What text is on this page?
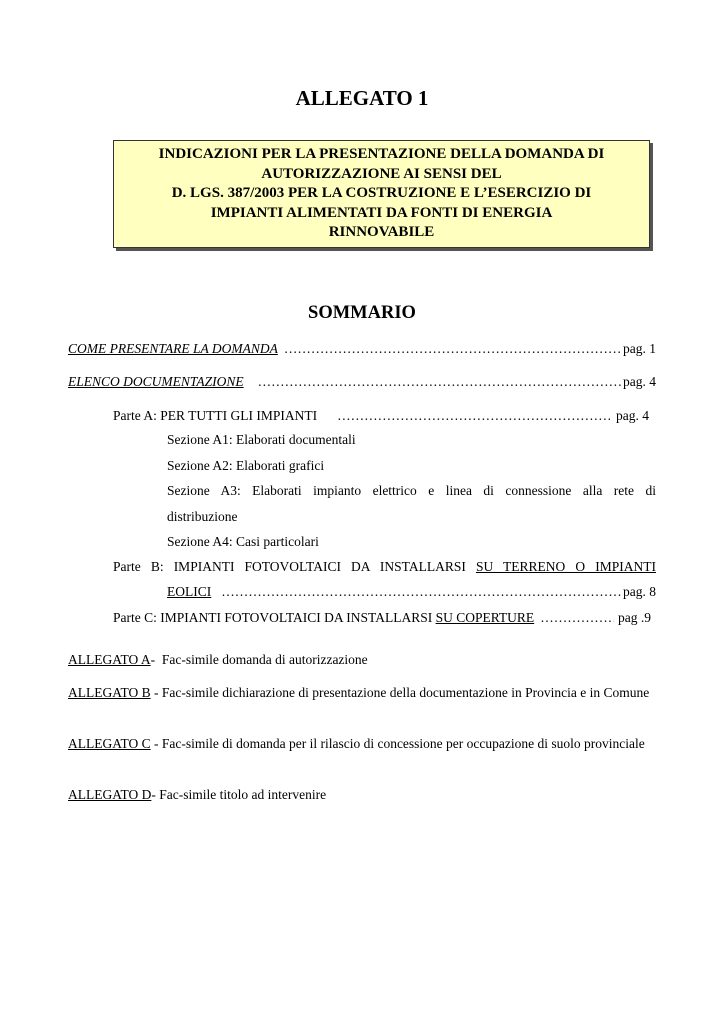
ALLEGATO 1
INDICAZIONI PER LA PRESENTAZIONE DELLA DOMANDA DI
AUTORIZZAZIONE AI SENSI DEL
D. LGS. 387/2003 PER LA COSTRUZIONE E L’ESERCIZIO DI
IMPIANTI ALIMENTATI DA FONTI DI ENERGIA
RINNOVABILE
SOMMARIO
COME PRESENTARE LA DOMANDA …………………………………………………………………………………………………………………………………………………………	pag. 1
ELENCO DOCUMENTAZIONE …………………………………………………………………………………………………………………………………………………………	pag. 4
Parte A: PER TUTTI GLI IMPIANTI …………………………………………………………………………………………………………………………………………………………	pag. 4
Sezione A1: Elaborati documentali
Sezione A2: Elaborati grafici
Sezione A3: Elaborati impianto elettrico e linea di connessione alla rete di
distribuzione
Sezione A4: Casi particolari
Parte B: IMPIANTI FOTOVOLTAICI DA INSTALLARSI SU TERRENO O IMPIANTI
EOLICI …………………………………………………………………………………………………………………………………………………………	pag. 8
Parte C: IMPIANTI FOTOVOLTAICI DA INSTALLARSI
SU COPERTURE …………………………………………………………………………………………………………………………………………………………	pag .9
ALLEGATO A- Fac-simile domanda di autorizzazione
ALLEGATO B - Fac-simile dichiarazione di presentazione della documentazione in Provincia e in Comune
ALLEGATO C - Fac-simile di domanda per il rilascio di concessione per occupazione di suolo provinciale
ALLEGATO D- Fac-simile titolo ad intervenire
